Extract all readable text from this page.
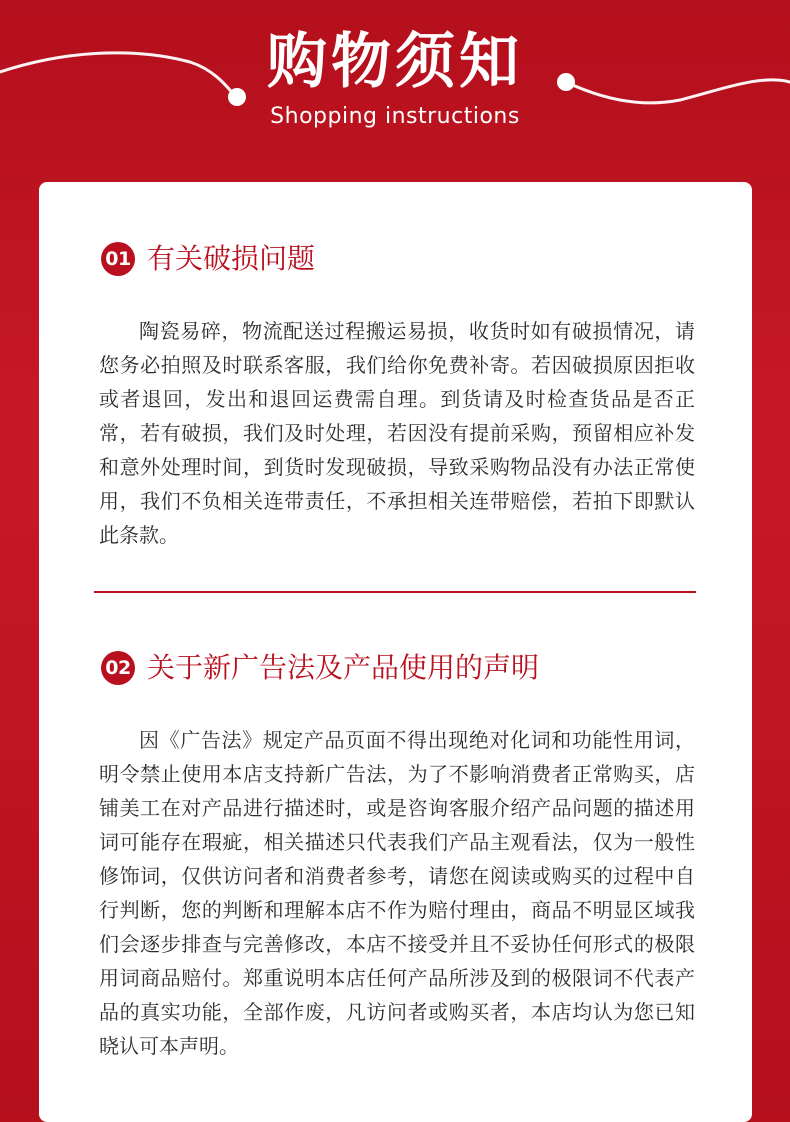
购物须知
Shopping instructions
01 有关破损问题

陶瓷易碎，物流配送过程搬运易损，收货时如有破损情况，请您务必拍照及时联系客服，我们给你免费补寄。若因破损原因拒收或者退回，发出和退回运费需自理。到货请及时检查货品是否正常，若有破损，我们及时处理，若因没有提前采购，预留相应补发和意外处理时间，到货时发现破损，导致采购物品没有办法正常使用，我们不负相关连带责任，不承担相关连带赔偿，若拍下即默认此条款。

02 关于新广告法及产品使用的声明

因《广告法》规定产品页面不得出现绝对化词和功能性用词，明令禁止使用本店支持新广告法，为了不影响消费者正常购买，店铺美工在对产品进行描述时，或是咨询客服介绍产品问题的描述用词可能存在瑕疵，相关描述只代表我们产品主观看法，仅为一般性修饰词，仅供访问者和消费者参考，请您在阅读或购买的过程中自行判断，您的判断和理解本店不作为赔付理由，商品不明显区域我们会逐步排查与完善修改，本店不接受并且不妥协任何形式的极限用词商品赔付。郑重说明本店任何产品所涉及到的极限词不代表产品的真实功能，全部作废，凡访问者或购买者，本店均认为您已知晓认可本声明。
